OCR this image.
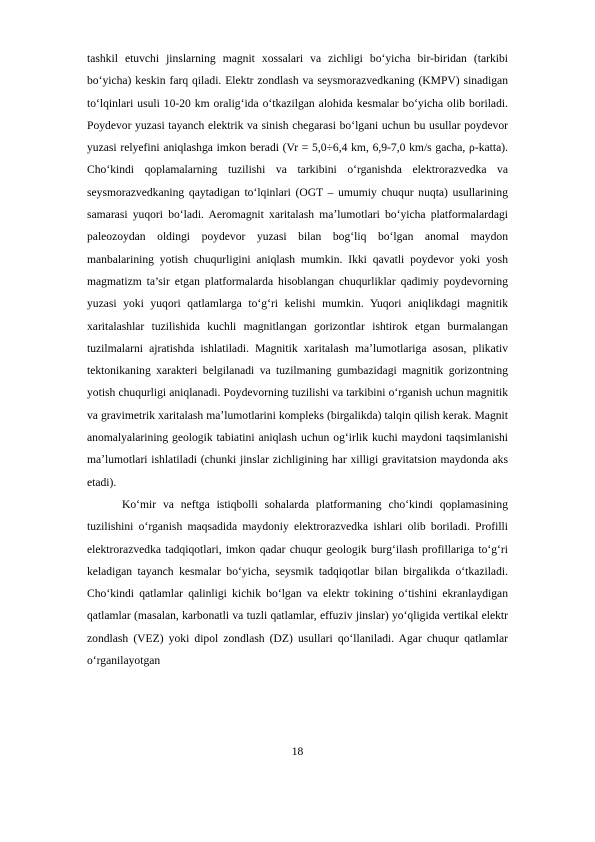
tashkil etuvchi jinslarning magnit xossalari va zichligi boʻyicha bir-biridan (tarkibi boʻyicha) keskin farq qiladi. Elektr zondlash va seysmorazvedkaning (KMPV) sinadigan toʻlqinlari usuli 10-20 km oraligʻida oʻtkazilgan alohida kesmalar boʻyicha olib boriladi. Poydevor yuzasi tayanch elektrik va sinish chegarasi boʻlgani uchun bu usullar poydevor yuzasi relyefini aniqlashga imkon beradi (Vr = 5,0÷6,4 km, 6,9-7,0 km/s gacha, ρ-katta). Cho‘kindi qoplamalarning tuzilishi va tarkibini oʻrganishda elektrorazvedka va seysmorazvedkaning qaytadigan toʻlqinlari (OGT – umumiy chuqur nuqta) usullarining samarasi yuqori boʻladi. Aeromagnit xaritalash maʼlumotlari boʻyicha platformalardagi paleozoydan oldingi poydevor yuzasi bilan bogʻliq boʻlgan anomal maydon manbalarining yotish chuqurligini aniqlash mumkin. Ikki qavatli poydevor yoki yosh magmatizm ta’sir etgan platformalarda hisoblangan chuqurliklar qadimiy poydevorning yuzasi yoki yuqori qatlamlarga toʻgʻri kelishi mumkin. Yuqori aniqlikdagi magnitik xaritalashlar tuzilishida kuchli magnitlangan gorizontlar ishtirok etgan burmalangan tuzilmalarni ajratishda ishlatiladi. Magnitik xaritalash maʼlumotlariga asosan, plikativ tektonikaning xarakteri belgilanadi va tuzilmaning gumbazidagi magnitik gorizontning yotish chuqurligi aniqlanadi. Poydevorning tuzilishi va tarkibini oʻrganish uchun magnitik va gravimetrik xaritalash maʼlumotlarini kompleks (birgalikda) talqin qilish kerak. Magnit anomalyalarining geologik tabiatini aniqlash uchun ogʻirlik kuchi maydoni taqsimlanishi maʼlumotlari ishlatiladi (chunki jinslar zichligining har xilligi gravitatsion maydonda aks etadi).

Ko‘mir va neftga istiqbolli sohalarda platformaning cho‘kindi qoplamasining tuzilishini o‘rganish maqsadida maydoniy elektrorazvedka ishlari olib boriladi. Profilli elektrorazvedka tadqiqotlari, imkon qadar chuqur geologik burg‘ilash profillariga to‘g‘ri keladigan tayanch kesmalar bo‘yicha, seysmik tadqiqotlar bilan birgalikda o‘tkaziladi. Cho‘kindi qatlamlar qalinligi kichik bo‘lgan va elektr tokining o‘tishini ekranlaydigan qatlamlar (masalan, karbonatli va tuzli qatlamlar, effuziv jinslar) yo‘qligida vertikal elektr zondlash (VEZ) yoki dipol zondlash (DZ) usullari qo‘llaniladi. Agar chuqur qatlamlar o‘rganilayotgan

18
